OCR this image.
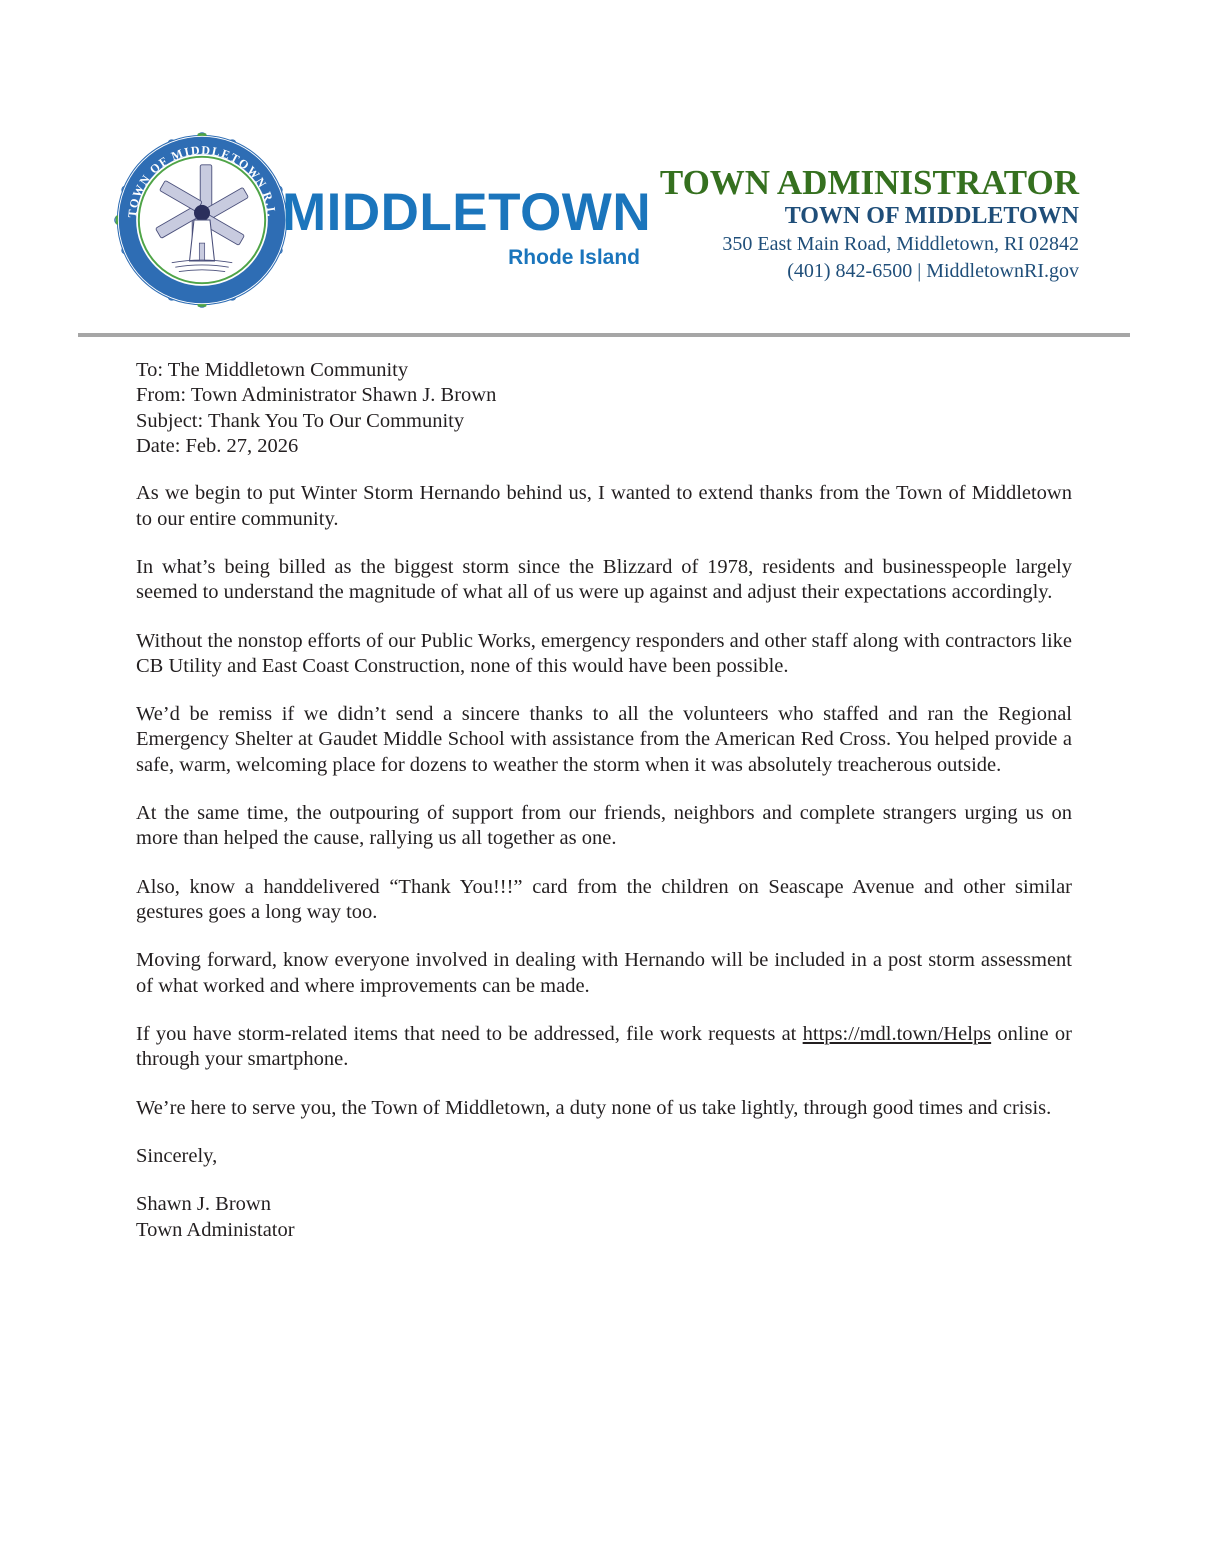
TOWN OF MIDDLETOWN R.I.
INCORPORATED
1743
MIDDLETOWN
Rhode Island
TOWN ADMINISTRATOR
TOWN OF MIDDLETOWN
350 East Main Road, Middletown, RI 02842
(401) 842-6500 | MiddletownRI.gov
To: The Middletown Community
From: Town Administrator Shawn J. Brown
Subject: Thank You To Our Community
Date: Feb. 27, 2026

As we begin to put Winter Storm Hernando behind us, I wanted to extend thanks from the Town of Middletown to our entire community.

In what’s being billed as the biggest storm since the Blizzard of 1978, residents and businesspeople largely seemed to understand the magnitude of what all of us were up against and adjust their expectations accordingly.

Without the nonstop efforts of our Public Works, emergency responders and other staff along with contractors like CB Utility and East Coast Construction, none of this would have been possible.

We’d be remiss if we didn’t send a sincere thanks to all the volunteers who staffed and ran the Regional Emergency Shelter at Gaudet Middle School with assistance from the American Red Cross. You helped provide a safe, warm, welcoming place for dozens to weather the storm when it was absolutely treacherous outside.

At the same time, the outpouring of support from our friends, neighbors and complete strangers urging us on more than helped the cause, rallying us all together as one.

Also, know a handdelivered “Thank You!!!” card from the children on Seascape Avenue and other similar gestures goes a long way too.

Moving forward, know everyone involved in dealing with Hernando will be included in a post storm assessment of what worked and where improvements can be made.

If you have storm-related items that need to be addressed, file work requests at https://mdl.town/Helps online or through your smartphone.

We’re here to serve you, the Town of Middletown, a duty none of us take lightly, through good times and crisis.

Sincerely,

Shawn J. Brown
Town Administator
